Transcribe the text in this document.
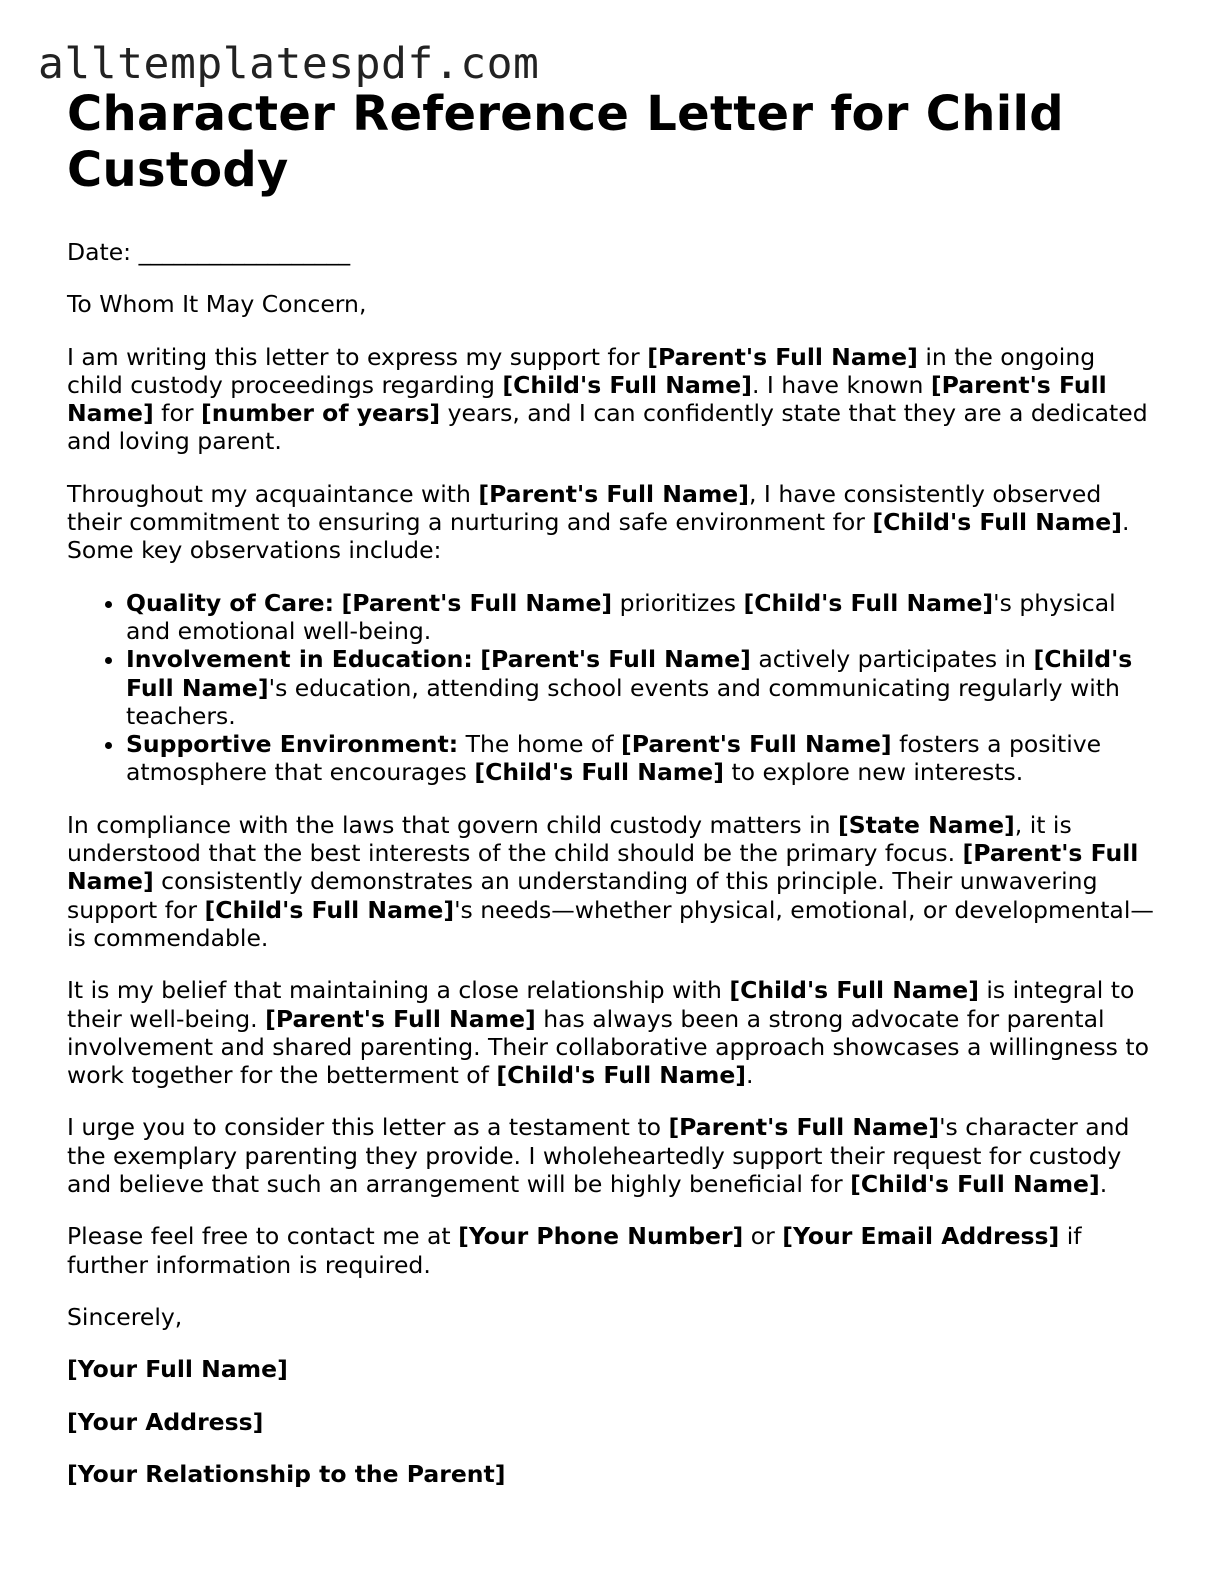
alltemplatespdf.com
Character Reference Letter for Child Custody

Date: __________________

To Whom It May Concern,

I am writing this letter to express my support for [Parent's Full Name] in the ongoing child custody proceedings regarding [Child's Full Name]. I have known [Parent's Full Name] for [number of years] years, and I can confidently state that they are a dedicated and loving parent.

Throughout my acquaintance with [Parent's Full Name], I have consistently observed their commitment to ensuring a nurturing and safe environment for [Child's Full Name]. Some key observations include:

• Quality of Care: [Parent's Full Name] prioritizes [Child's Full Name]'s physical and emotional well-being.
• Involvement in Education: [Parent's Full Name] actively participates in [Child's Full Name]'s education, attending school events and communicating regularly with teachers.
• Supportive Environment: The home of [Parent's Full Name] fosters a positive atmosphere that encourages [Child's Full Name] to explore new interests.

In compliance with the laws that govern child custody matters in [State Name], it is understood that the best interests of the child should be the primary focus. [Parent's Full Name] consistently demonstrates an understanding of this principle. Their unwavering support for [Child's Full Name]'s needs—whether physical, emotional, or developmental—is commendable.

It is my belief that maintaining a close relationship with [Child's Full Name] is integral to their well-being. [Parent's Full Name] has always been a strong advocate for parental involvement and shared parenting. Their collaborative approach showcases a willingness to work together for the betterment of [Child's Full Name].

I urge you to consider this letter as a testament to [Parent's Full Name]'s character and the exemplary parenting they provide. I wholeheartedly support their request for custody and believe that such an arrangement will be highly beneficial for [Child's Full Name].

Please feel free to contact me at [Your Phone Number] or [Your Email Address] if further information is required.

Sincerely,

[Your Full Name]

[Your Address]

[Your Relationship to the Parent]
